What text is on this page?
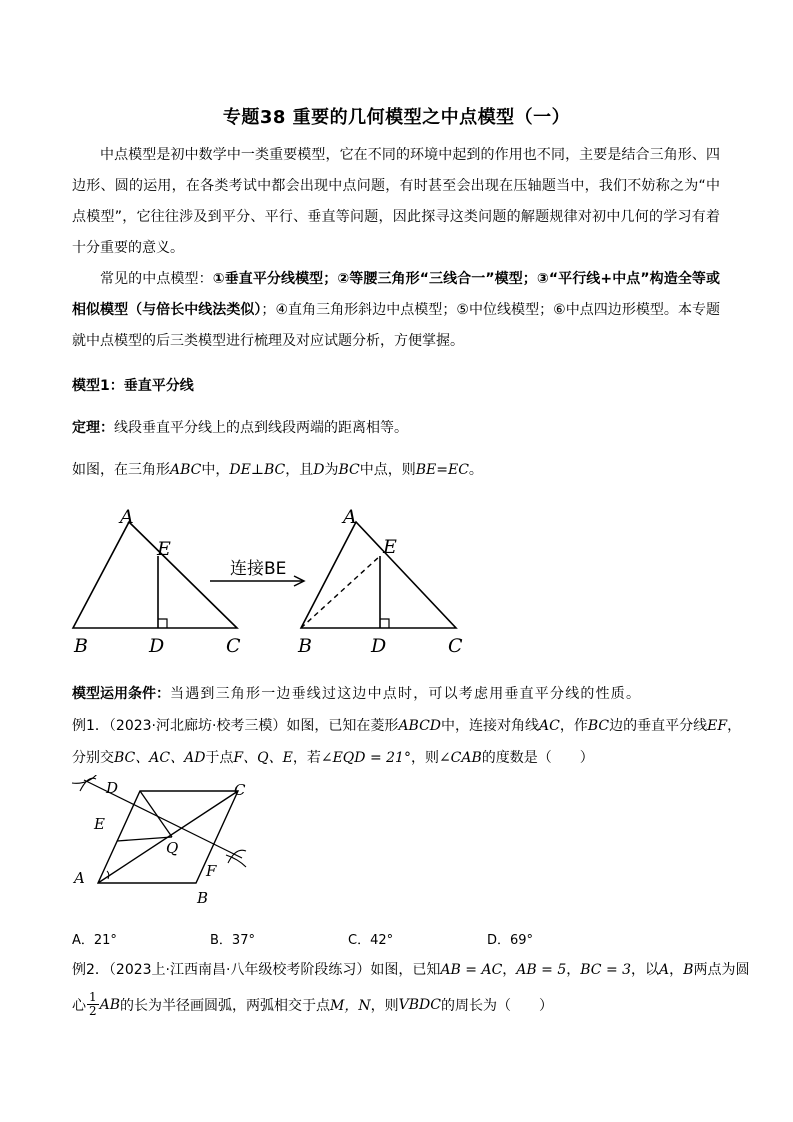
专题38 重要的几何模型之中点模型（一）
中点模型是初中数学中一类重要模型，它在不同的环境中起到的作用也不同，主要是结合三角形、四边形、圆的运用，在各类考试中都会出现中点问题，有时甚至会出现在压轴题当中，我们不妨称之为“中点模型”，它往往涉及到平分、平行、垂直等问题，因此探寻这类问题的解题规律对初中几何的学习有着十分重要的意义。
常见的中点模型：①垂直平分线模型；②等腰三角形“三线合一”模型；③“平行线+中点”构造全等或相似模型（与倍长中线法类似）；④直角三角形斜边中点模型；⑤中位线模型；⑥中点四边形模型。本专题就中点模型的后三类模型进行梳理及对应试题分析，方便掌握。
模型1：垂直平分线
定理：线段垂直平分线上的点到线段两端的距离相等。
如图，在三角形ABC中，DE⊥BC，且D为BC中点，则BE=EC。
A
E
B	D	C
连接BE
A
E
B	D	C
模型运用条件：当遇到三角形一边垂线过这边中点时，可以考虑用垂直平分线的性质。
例1．（2023·河北廊坊·校考三模）如图，已知在菱形ABCD中，连接对角线AC，作BC边的垂直平分线EF，
分别交BC、AC、AD于点F、Q、E，若∠EQD = 21°，则∠CAB的度数是（　　）
D	C
E
Q
F
A
B
A．21°	B．37°	C．42°	D．69°
例2．（2023上·江西南昌·八年级校考阶段练习）如图，已知AB = AC，AB = 5，BC = 3，以A，B两点为圆
心 $\frac{1}{2}$ AB 的长为半径画圆弧，两弧相交于点 M，N ，则 VBDC 的周长为（　　）
